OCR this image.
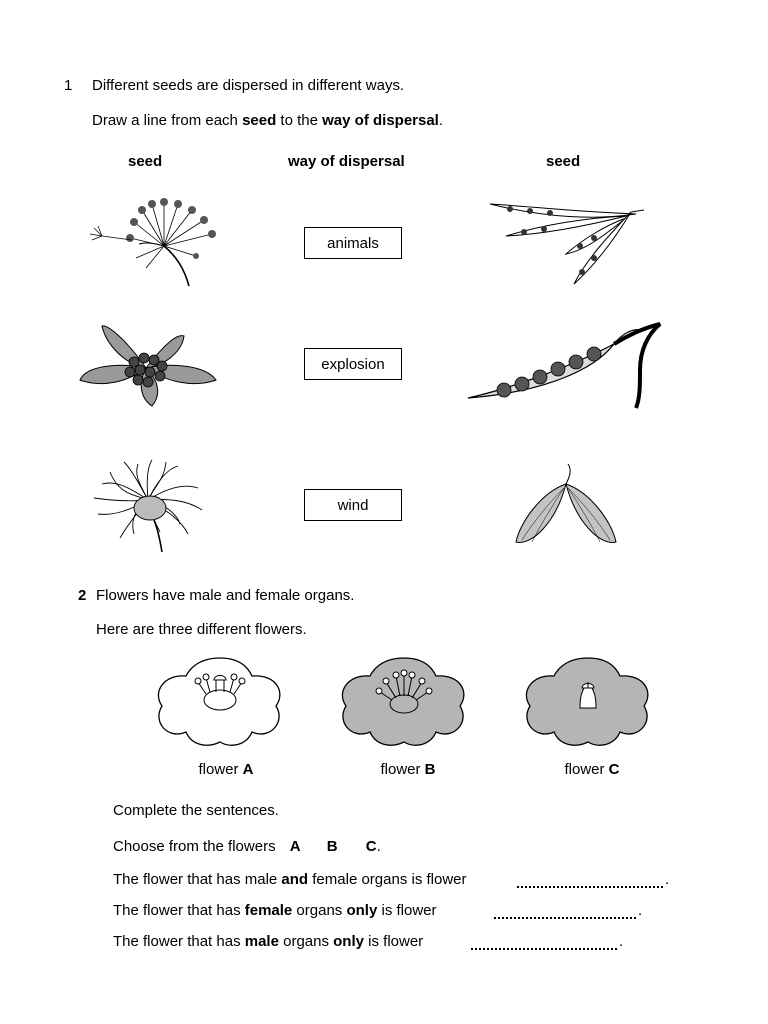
1 Different seeds are dispersed in different ways.
Draw a line from each seed to the way of dispersal.
seed	way of dispersal	seed
animals
explosion
wind
2 Flowers have male and female organs.
Here are three different flowers.
flower A	flower B	flower C
Complete the sentences.
Choose from the flowers A B C.
The flower that has male and female organs is flower	.
The flower that has female organs only is flower	.
The flower that has male organs only is flower	.
